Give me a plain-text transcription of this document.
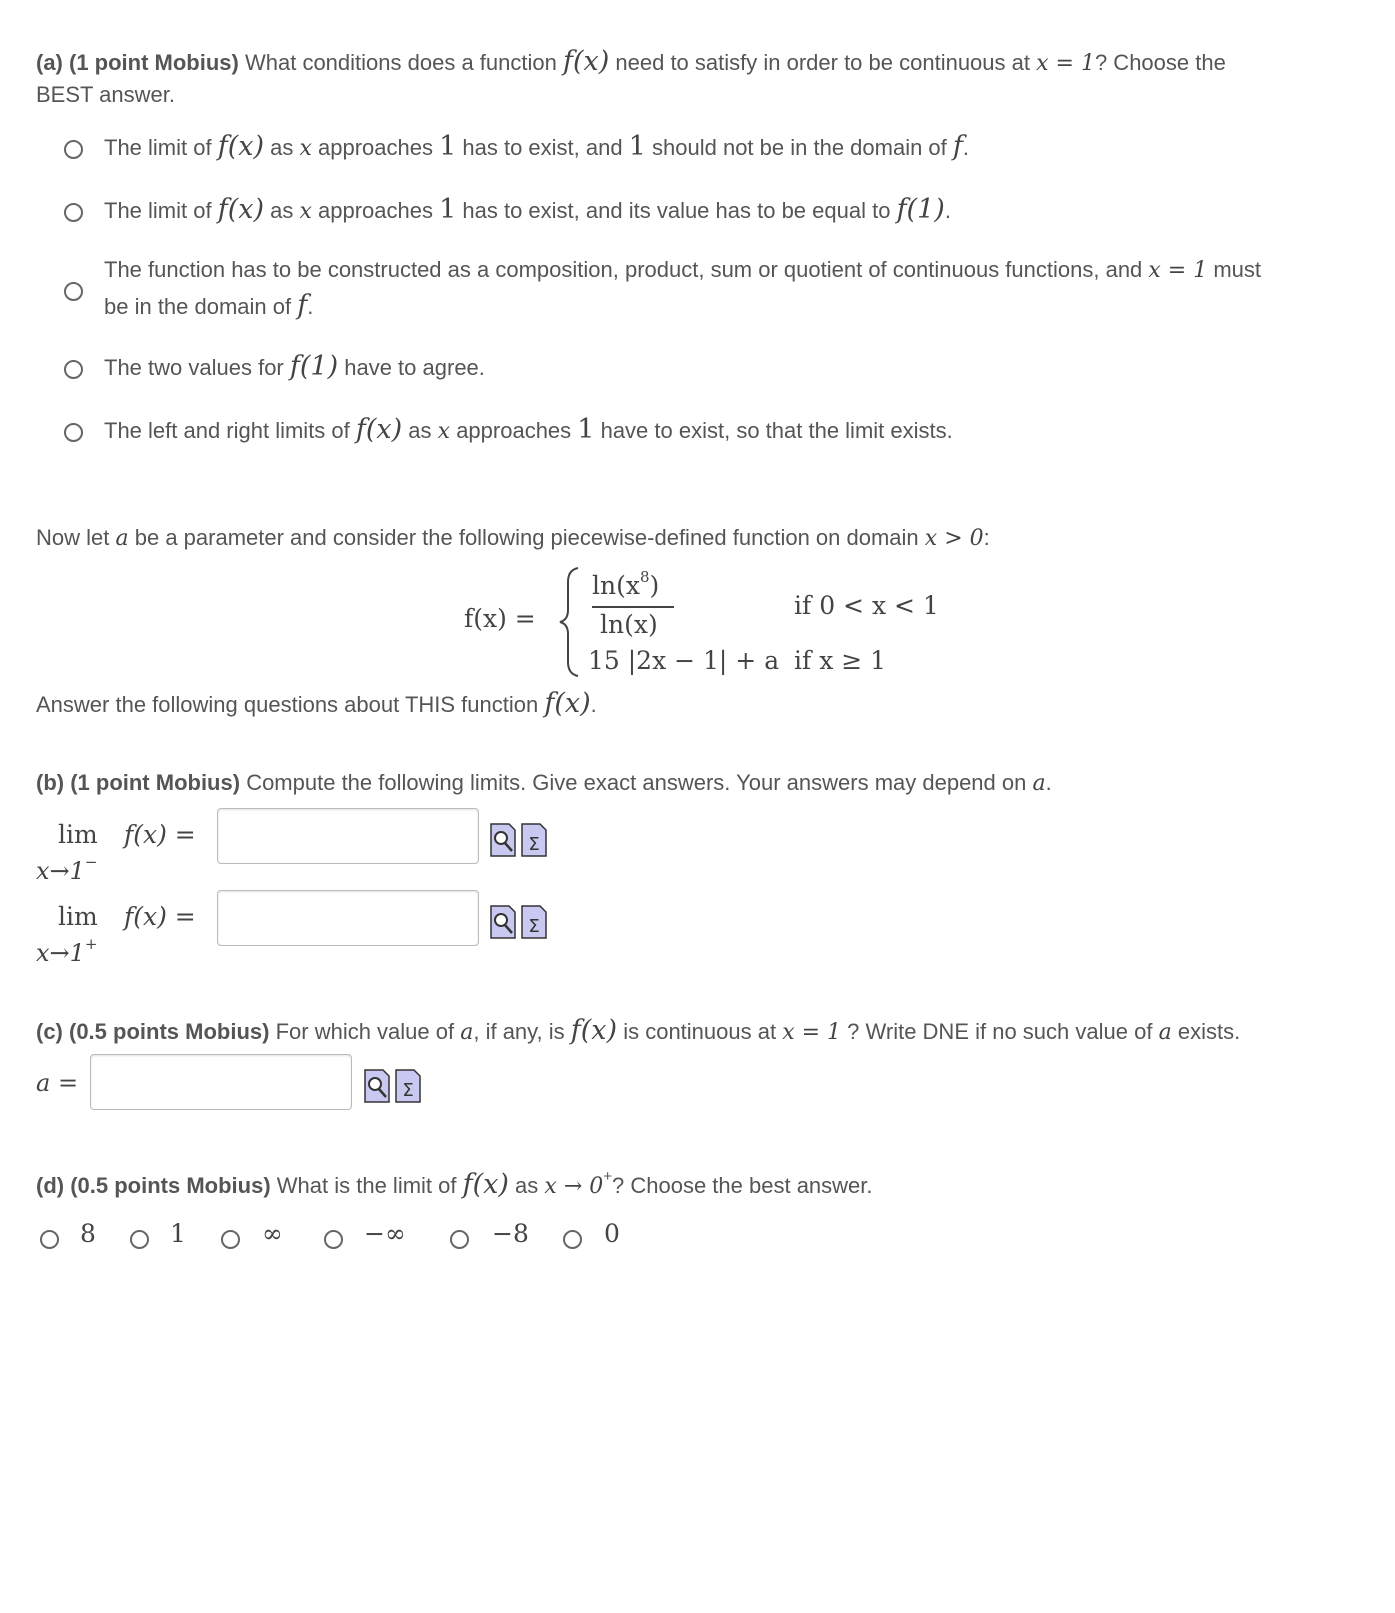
(a) (1 point Mobius) What conditions does a function f(x) need to satisfy in order to be continuous at x = 1? Choose the
BEST answer.
The limit of f(x) as x approaches 1 has to exist, and 1 should not be in the domain of f.
The limit of f(x) as x approaches 1 has to exist, and its value has to be equal to f(1).
The function has to be constructed as a composition, product, sum or quotient of continuous functions, and x = 1 must
be in the domain of f.
The two values for f(1) have to agree.
The left and right limits of f(x) as x approaches 1 have to exist, so that the limit exists.
Now let a be a parameter and consider the following piecewise-defined function on domain x > 0:
f(x) =
$\ln(x^8)$
ln(x)
if 0 < x < 1
15 |2x − 1| + a if x ≥ 1
Answer the following questions about THIS function f(x).
(b) (1 point Mobius) Compute the following limits. Give exact answers. Your answers may depend on a.
lim
x→1−
f(x) =	Σ
lim
x→1+
f(x) =	Σ
(c) (0.5 points Mobius) For which value of a, if any, is f(x) is continuous at x = 1 ? Write DNE if no such value of a exists.
a =	Σ
(d) (0.5 points Mobius) What is the limit of f(x) as x → 0+? Choose the best answer.
8	1	∞	−∞	−8	0
